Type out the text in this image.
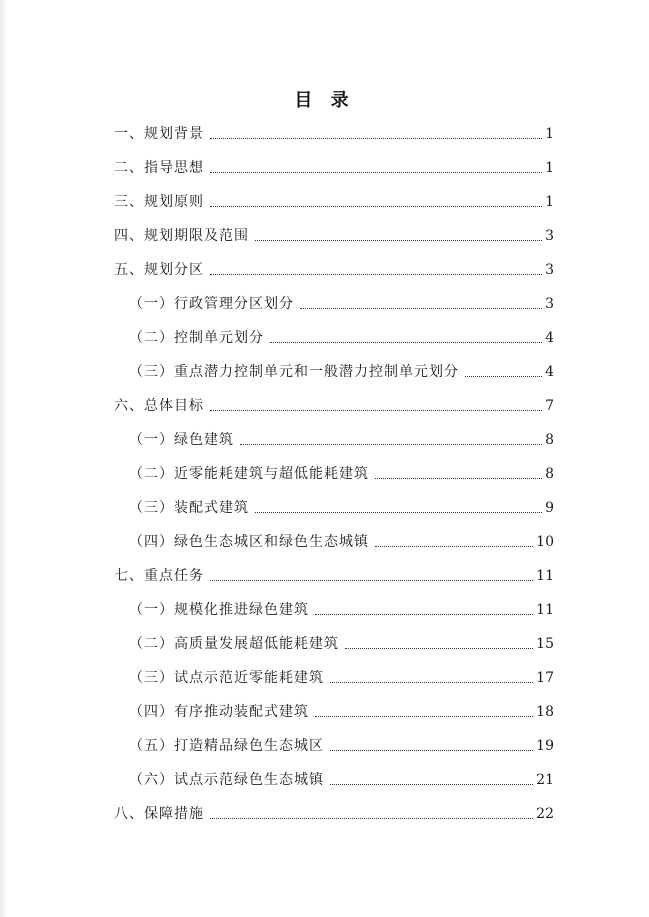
目 录
一、规划背景	1
二、指导思想	1
三、规划原则	1
四、规划期限及范围	3
五、规划分区	3
（一）行政管理分区划分	3
（二）控制单元划分	4
（三）重点潜力控制单元和一般潜力控制单元划分	4
六、总体目标	7
（一）绿色建筑	8
（二）近零能耗建筑与超低能耗建筑	8
（三）装配式建筑	9
（四）绿色生态城区和绿色生态城镇	10
七、重点任务	11
（一）规模化推进绿色建筑	11
（二）高质量发展超低能耗建筑	15
（三）试点示范近零能耗建筑	17
（四）有序推动装配式建筑	18
（五）打造精品绿色生态城区	19
（六）试点示范绿色生态城镇	21
八、保障措施	22
